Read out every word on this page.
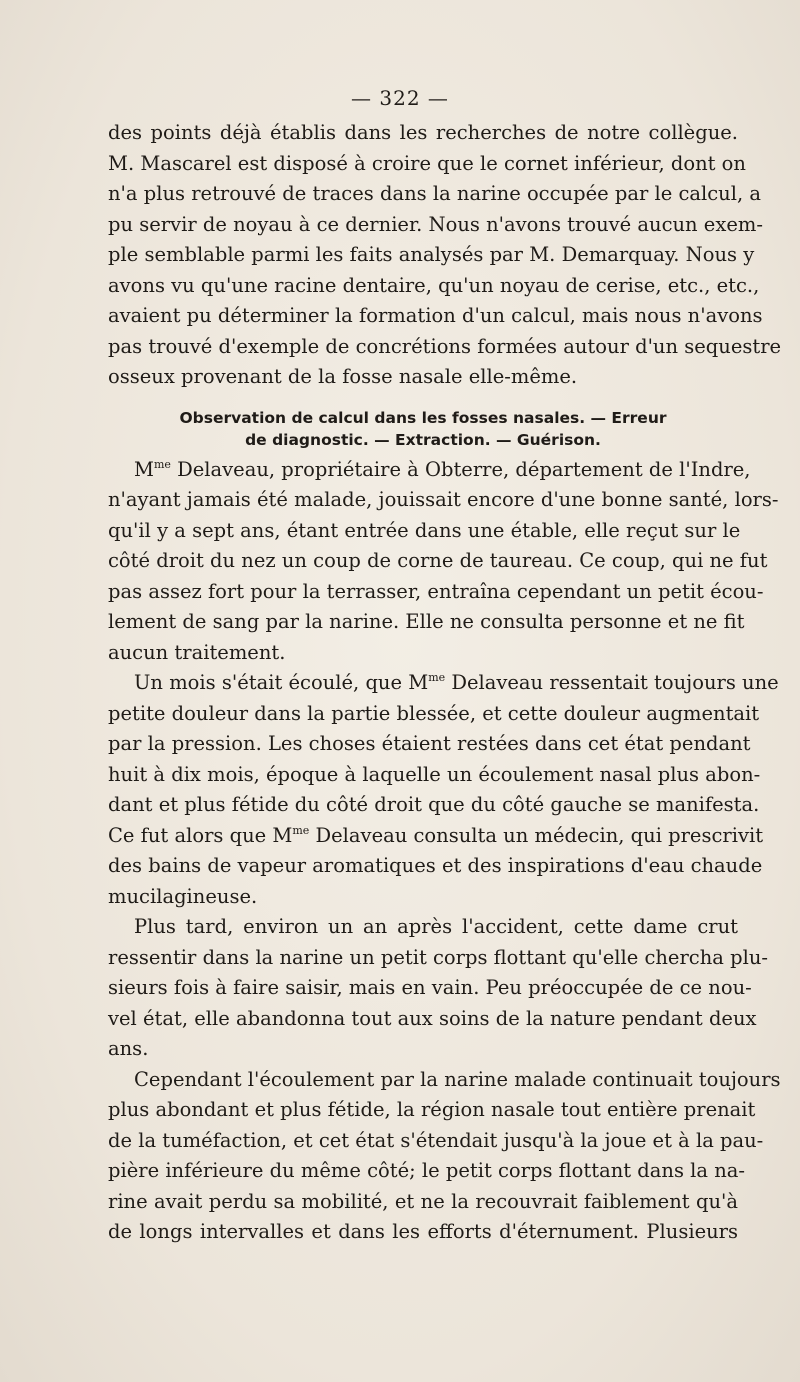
— 322 —
des points déjà établis dans les recherches de notre collègue.
M. Mascarel est disposé à croire que le cornet inférieur, dont on
n'a plus retrouvé de traces dans la narine occupée par le calcul, a
pu servir de noyau à ce dernier. Nous n'avons trouvé aucun exem-
ple semblable parmi les faits analysés par M. Demarquay. Nous y
avons vu qu'une racine dentaire, qu'un noyau de cerise, etc., etc.,
avaient pu déterminer la formation d'un calcul, mais nous n'avons
pas trouvé d'exemple de concrétions formées autour d'un sequestre
osseux provenant de la fosse nasale elle-même.
Observation de calcul dans les fosses nasales. — Erreur
de diagnostic. — Extraction. — Guérison.
$M^{me}$ Delaveau, propriétaire à Obterre, département de l'Indre,
n'ayant jamais été malade, jouissait encore d'une bonne santé, lors-
qu'il y a sept ans, étant entrée dans une étable, elle reçut sur le
côté droit du nez un coup de corne de taureau. Ce coup, qui ne fut
pas assez fort pour la terrasser, entraîna cependant un petit écou-
lement de sang par la narine. Elle ne consulta personne et ne fit
aucun traitement.
Un mois s'était écoulé, que $M^{me}$ Delaveau ressentait toujours une
petite douleur dans la partie blessée, et cette douleur augmentait
par la pression. Les choses étaient restées dans cet état pendant
huit à dix mois, époque à laquelle un écoulement nasal plus abon-
dant et plus fétide du côté droit que du côté gauche se manifesta.
Ce fut alors que $M^{me}$ Delaveau consulta un médecin, qui prescrivit
des bains de vapeur aromatiques et des inspirations d'eau chaude
mucilagineuse.
Plus tard, environ un an après l'accident, cette dame crut
ressentir dans la narine un petit corps flottant qu'elle chercha plu-
sieurs fois à faire saisir, mais en vain. Peu préoccupée de ce nou-
vel état, elle abandonna tout aux soins de la nature pendant deux
ans.
Cependant l'écoulement par la narine malade continuait toujours
plus abondant et plus fétide, la région nasale tout entière prenait
de la tuméfaction, et cet état s'étendait jusqu'à la joue et à la pau-
pière inférieure du même côté; le petit corps flottant dans la na-
rine avait perdu sa mobilité, et ne la recouvrait faiblement qu'à
de longs intervalles et dans les efforts d'éternument. Plusieurs
